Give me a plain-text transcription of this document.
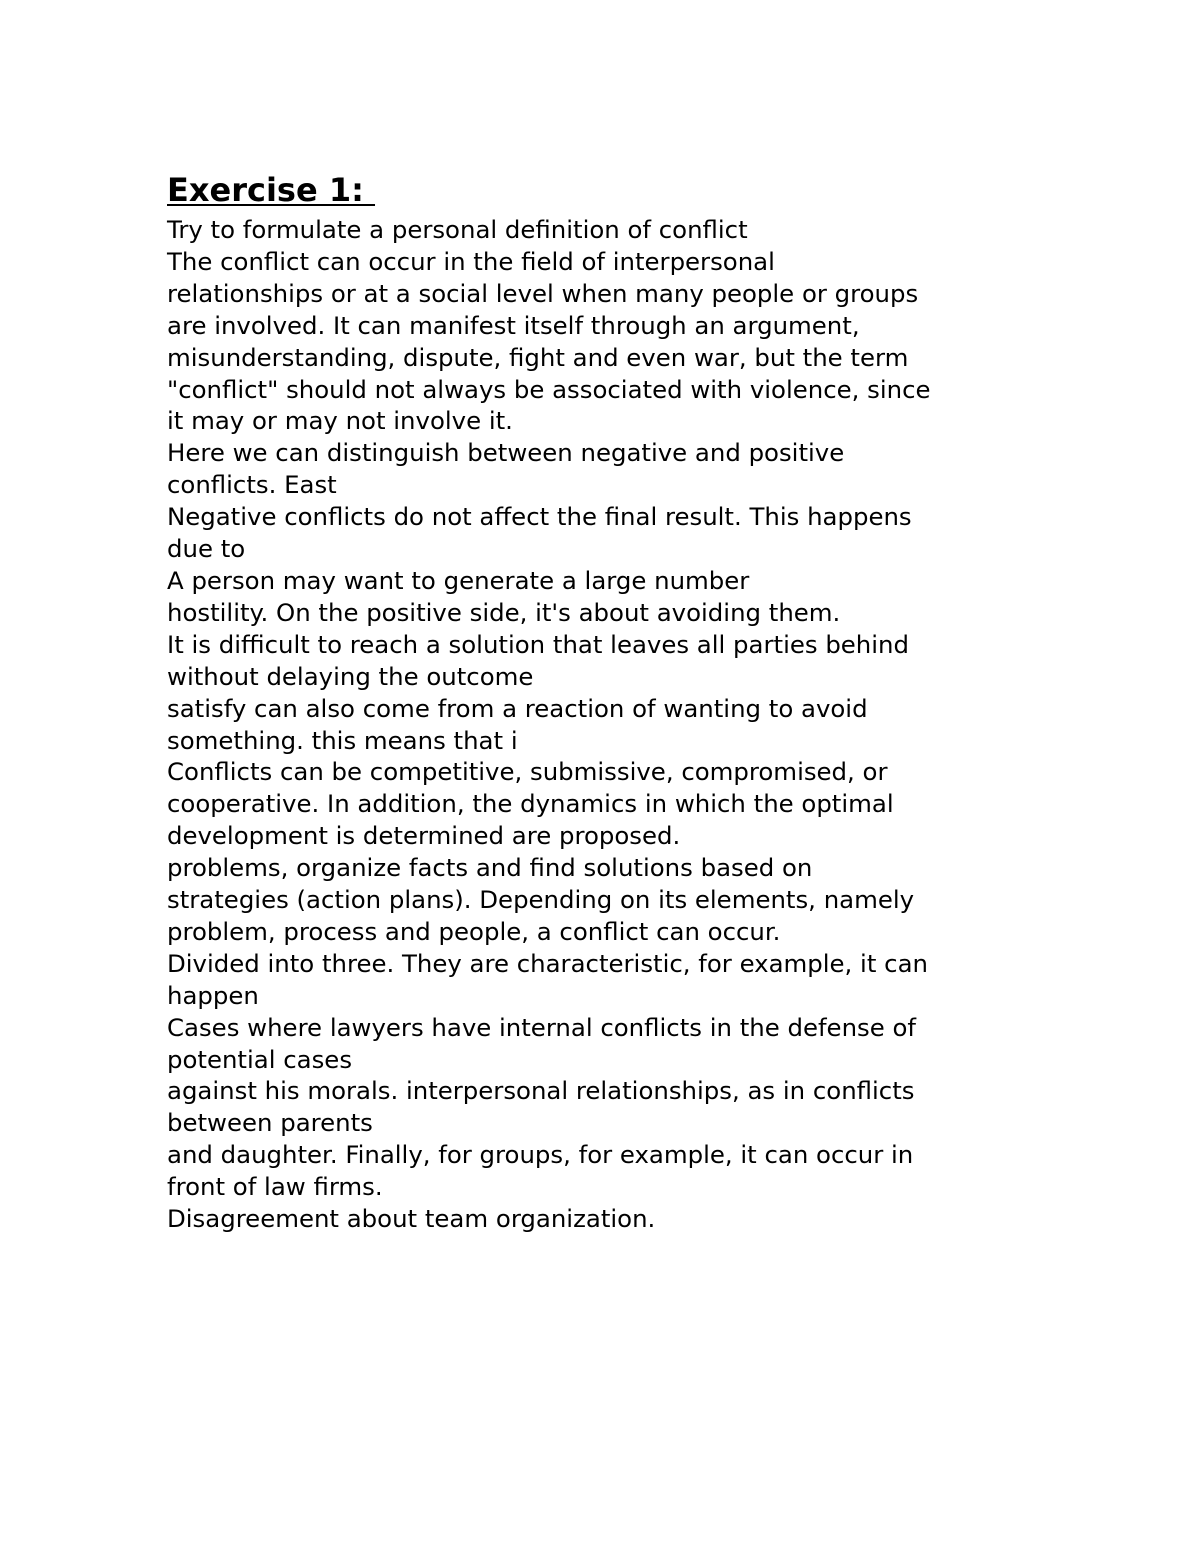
Exercise 1:
Try to formulate a personal definition of conflict
The conflict can occur in the field of interpersonal
relationships or at a social level when many people or groups
are involved. It can manifest itself through an argument,
misunderstanding, dispute, fight and even war, but the term
"conflict" should not always be associated with violence, since
it may or may not involve it.
Here we can distinguish between negative and positive
conflicts. East
Negative conflicts do not affect the final result. This happens
due to
A person may want to generate a large number
hostility. On the positive side, it's about avoiding them.
It is difficult to reach a solution that leaves all parties behind
without delaying the outcome
satisfy can also come from a reaction of wanting to avoid
something. this means that i
Conflicts can be competitive, submissive, compromised, or
cooperative. In addition, the dynamics in which the optimal
development is determined are proposed.
problems, organize facts and find solutions based on
strategies (action plans). Depending on its elements, namely
problem, process and people, a conflict can occur.
Divided into three. They are characteristic, for example, it can
happen
Cases where lawyers have internal conflicts in the defense of
potential cases
against his morals. interpersonal relationships, as in conflicts
between parents
and daughter. Finally, for groups, for example, it can occur in
front of law firms.
Disagreement about team organization.
